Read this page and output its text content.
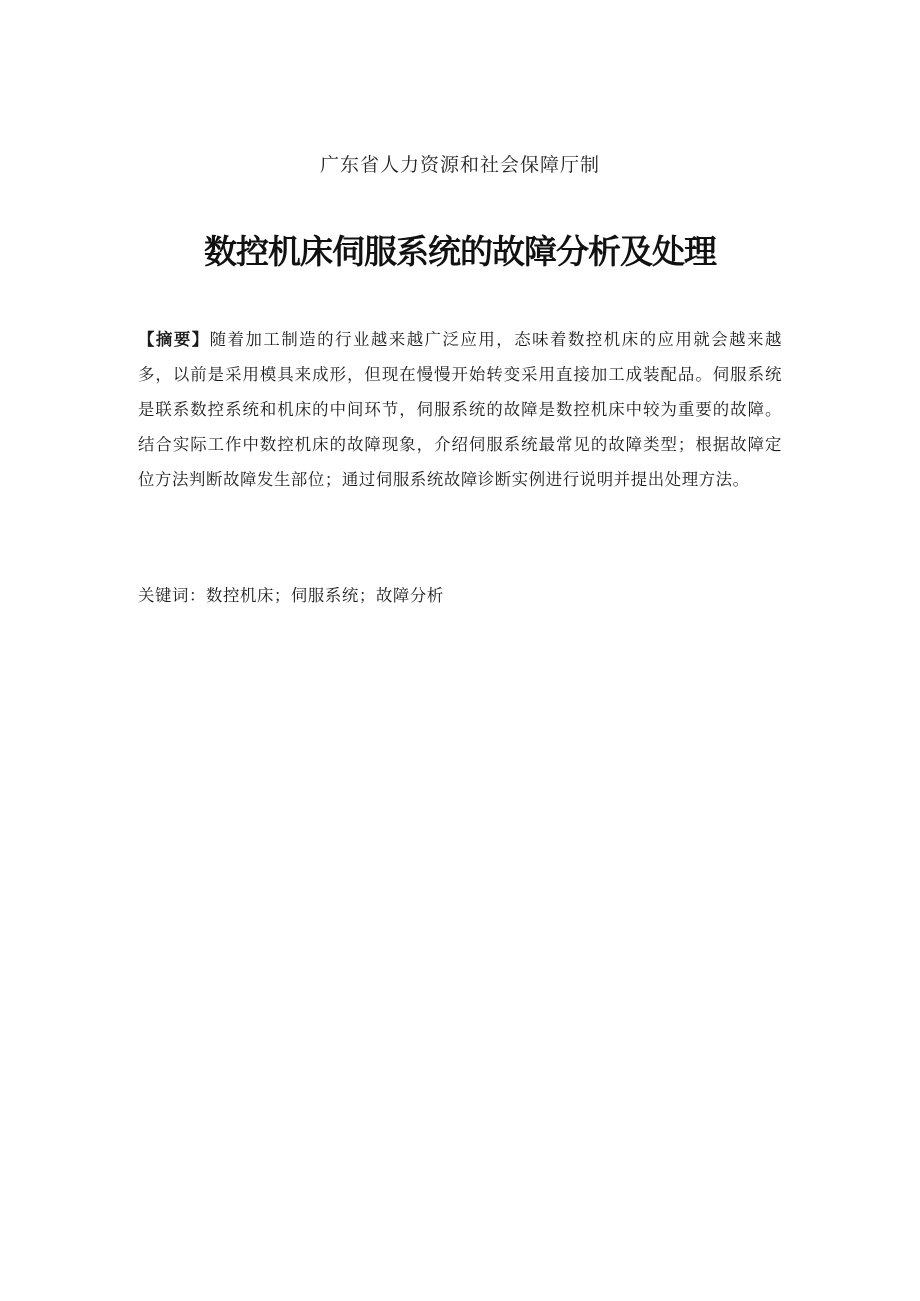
广东省人力资源和社会保障厅制
数控机床伺服系统的故障分析及处理

【摘要】随着加工制造的行业越来越广泛应用，态味着数控机床的应用就会越来越多，以前是采用模具来成形，但现在慢慢开始转变采用直接加工成装配品。伺服系统是联系数控系统和机床的中间环节，伺服系统的故障是数控机床中较为重要的故障。结合实际工作中数控机床的故障现象，介绍伺服系统最常见的故障类型；根据故障定位方法判断故障发生部位；通过伺服系统故障诊断实例进行说明并提出处理方法。

关键词：数控机床；伺服系统；故障分析
